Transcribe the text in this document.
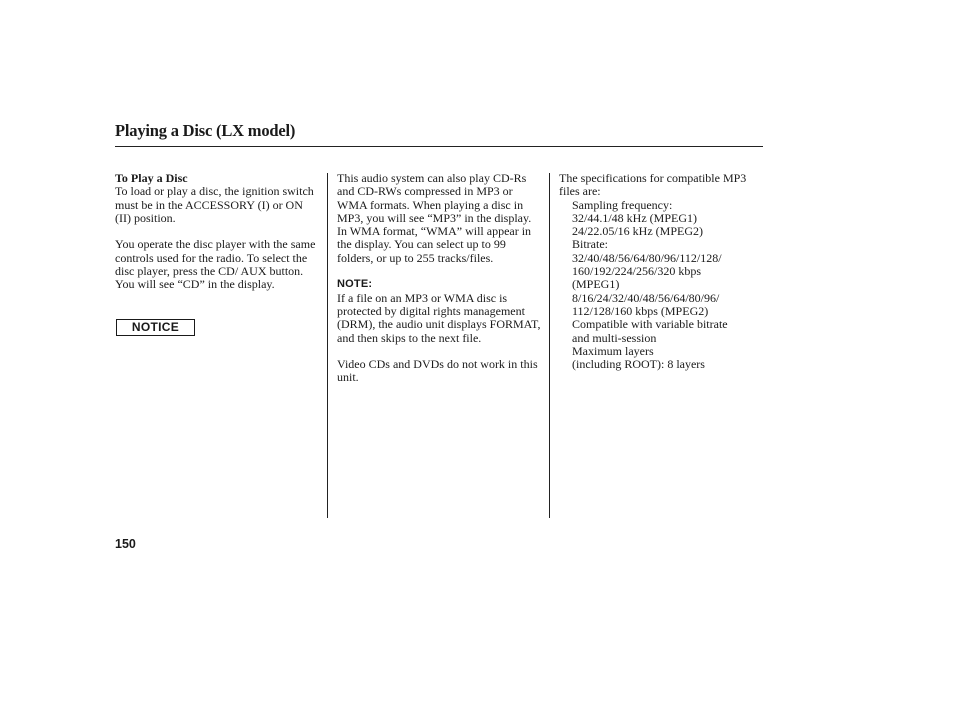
Playing a Disc (LX model)

To Play a Disc

To load or play a disc, the ignition switch must be in the ACCESSORY (I) or ON (II) position.

You operate the disc player with the same controls used for the radio. To select the disc player, press the CD/ AUX button. You will see “CD” in the display.

NOTICE

This audio system can also play CD-Rs and CD-RWs compressed in MP3 or WMA formats. When playing a disc in MP3, you will see “MP3” in the display. In WMA format, “WMA” will appear in the display. You can select up to 99 folders, or up to 255 tracks/files.

NOTE:

If a file on an MP3 or WMA disc is protected by digital rights management (DRM), the audio unit displays FORMAT, and then skips to the next file.

Video CDs and DVDs do not work in this unit.

The specifications for compatible MP3 files are:

Sampling frequency:

32/44.1/48 kHz (MPEG1)

24/22.05/16 kHz (MPEG2)

Bitrate:

32/40/48/56/64/80/96/112/128/

160/192/224/256/320 kbps

(MPEG1)

8/16/24/32/40/48/56/64/80/96/

112/128/160 kbps (MPEG2)

Compatible with variable bitrate

and multi-session

Maximum layers

(including ROOT): 8 layers

150
